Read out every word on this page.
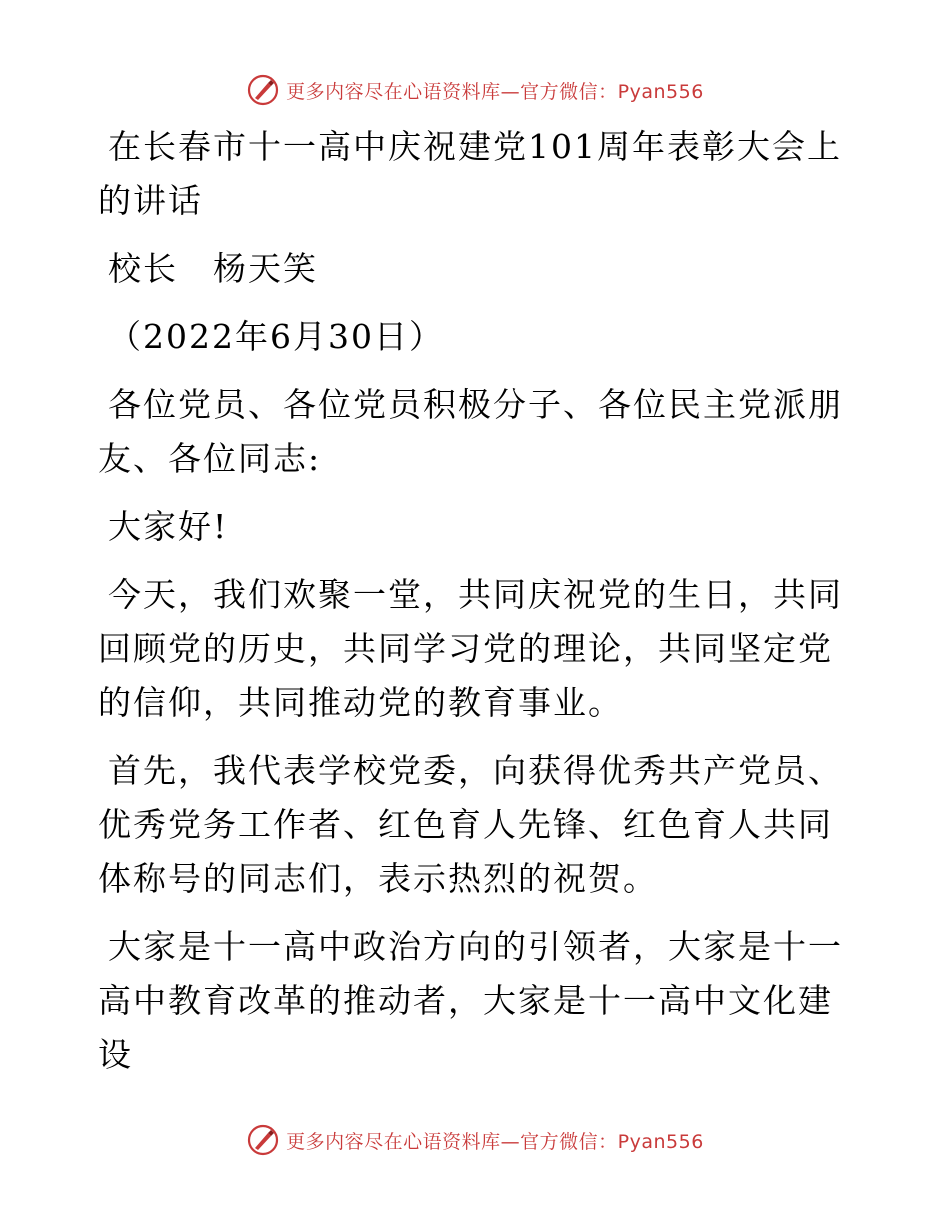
更多内容尽在心语资料库—官方微信：Pyan556

在长春市十一高中庆祝建党101周年表彰大会上的讲话

校长　杨天笑

（2022年6月30日）

各位党员、各位党员积极分子、各位民主党派朋友、各位同志:

大家好!

今天，我们欢聚一堂，共同庆祝党的生日，共同回顾党的历史，共同学习党的理论，共同坚定党的信仰，共同推动党的教育事业。

首先，我代表学校党委，向获得优秀共产党员、优秀党务工作者、红色育人先锋、红色育人共同体称号的同志们，表示热烈的祝贺。

大家是十一高中政治方向的引领者，大家是十一高中教育改革的推动者，大家是十一高中文化建设

更多内容尽在心语资料库—官方微信：Pyan556
